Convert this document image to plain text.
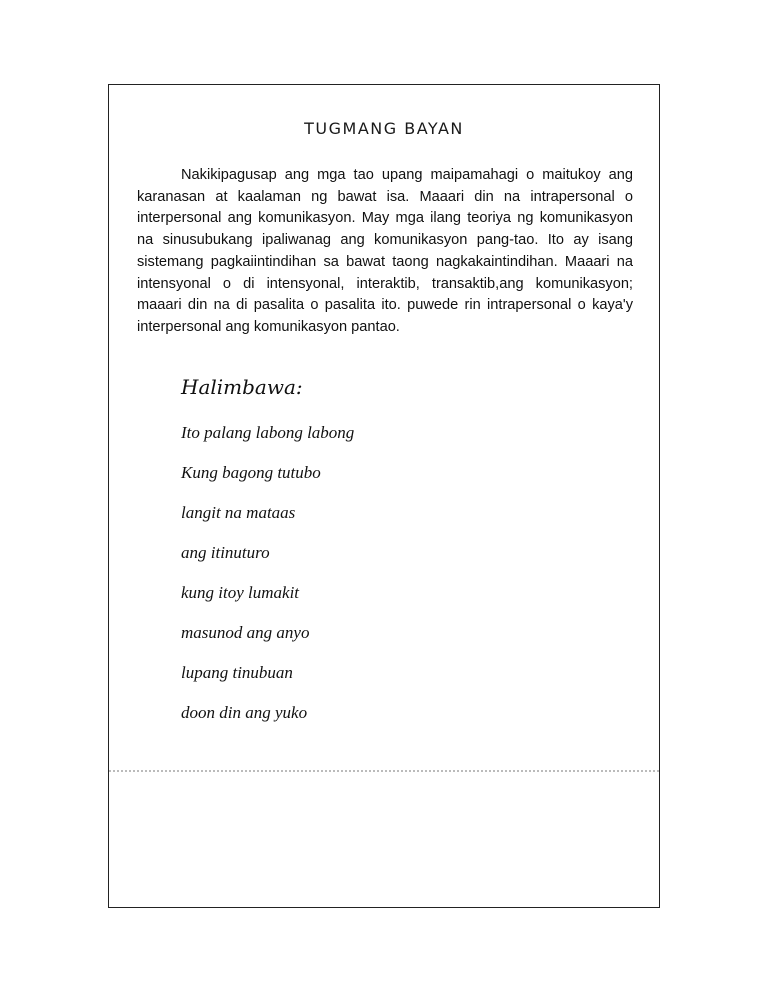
TUGMANG BAYAN
Nakikipagusap ang mga tao upang maipamahagi o maitukoy ang karanasan at kaalaman ng bawat isa. Maaari din na intrapersonal o interpersonal ang komunikasyon. May mga ilang teoriya ng komunikasyon na sinusubukang ipaliwanag ang komunikasyon pang-tao. Ito ay isang sistemang pagkaiintindihan sa bawat taong nagkakaintindihan. Maaari na intensyonal o di intensyonal, interaktib, transaktib,ang komunikasyon; maaari din na di pasalita o pasalita ito. puwede rin intrapersonal o kaya'y interpersonal ang komunikasyon pantao.
Halimbawa:
Ito palang labong labong
Kung bagong tutubo
langit na mataas
ang itinuturo
kung itoy lumakit
masunod ang anyo
lupang tinubuan
doon din ang yuko
